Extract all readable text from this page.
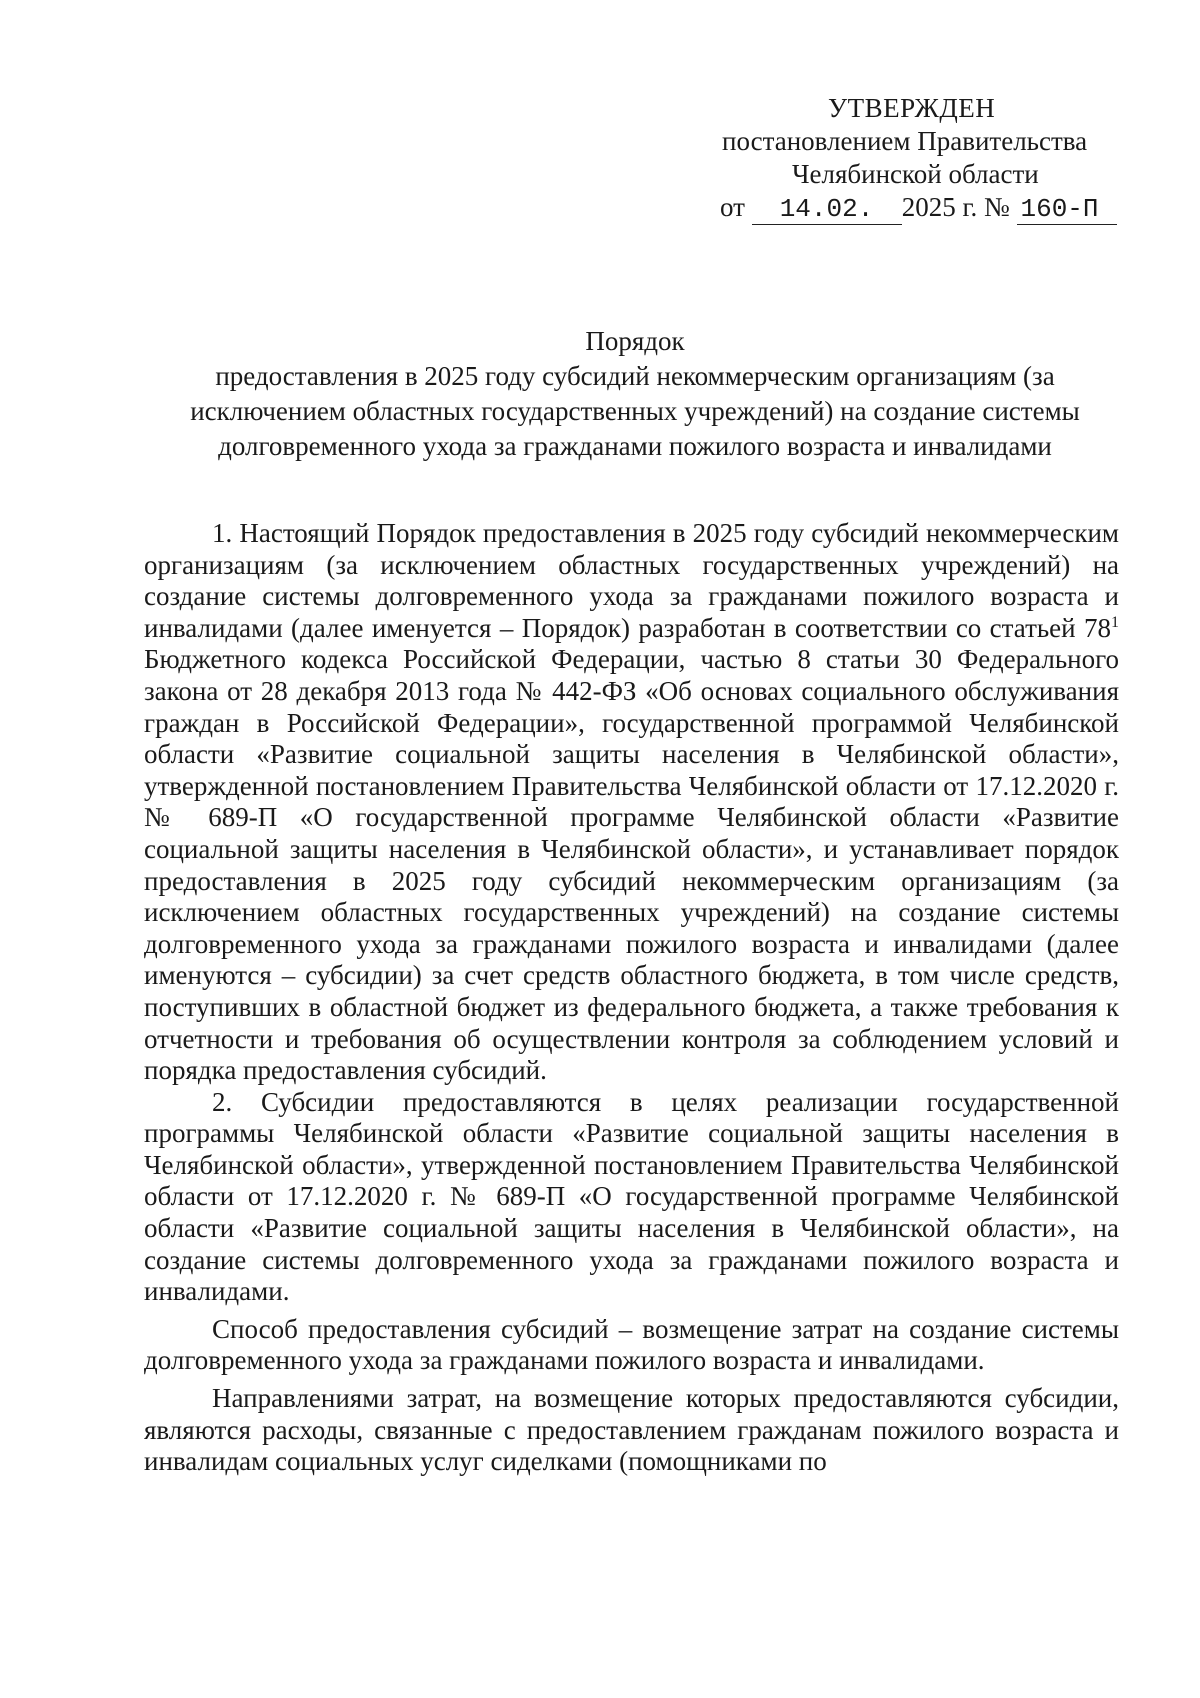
УТВЕРЖДЕН
постановлением Правительства
Челябинской области
от 14.02. 2025 г. № 160-П
Порядок
предоставления в 2025 году субсидий некоммерческим организациям (за
исключением областных государственных учреждений) на создание системы
долговременного ухода за гражданами пожилого возраста и инвалидами

1. Настоящий Порядок предоставления в 2025 году субсидий некоммерческим организациям (за исключением областных государственных учреждений) на создание системы долговременного ухода за гражданами пожилого возраста и инвалидами (далее именуется – Порядок) разработан в соответствии со статьей $78^1$ Бюджетного кодекса Российской Федерации, частью 8 статьи 30 Федерального закона от 28 декабря 2013 года № 442-ФЗ «Об основах социального обслуживания граждан в Российской Федерации», государственной программой Челябинской области «Развитие социальной защиты населения в Челябинской области», утвержденной постановлением Правительства Челябинской области от 17.12.2020 г. № 689-П «О государственной программе Челябинской области «Развитие социальной защиты населения в Челябинской области», и устанавливает порядок предоставления в 2025 году субсидий некоммерческим организациям (за исключением областных государственных учреждений) на создание системы долговременного ухода за гражданами пожилого возраста и инвалидами (далее именуются – субсидии) за счет средств областного бюджета, в том числе средств, поступивших в областной бюджет из федерального бюджета, а также требования к отчетности и требования об осуществлении контроля за соблюдением условий и порядка предоставления субсидий.

2. Субсидии предоставляются в целях реализации государственной программы Челябинской области «Развитие социальной защиты населения в Челябинской области», утвержденной постановлением Правительства Челябинской области от 17.12.2020 г. № 689-П «О государственной программе Челябинской области «Развитие социальной защиты населения в Челябинской области», на создание системы долговременного ухода за гражданами пожилого возраста и инвалидами.

Способ предоставления субсидий – возмещение затрат на создание системы долговременного ухода за гражданами пожилого возраста и инвалидами.

Направлениями затрат, на возмещение которых предоставляются субсидии, являются расходы, связанные с предоставлением гражданам пожилого возраста и инвалидам социальных услуг сиделками (помощниками по
